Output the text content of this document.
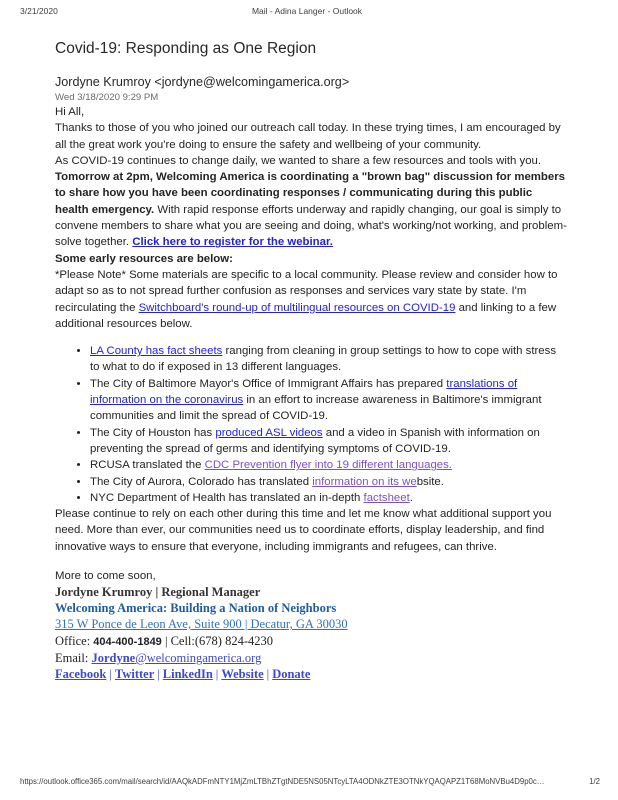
3/21/2020	Mail - Adina Langer - Outlook
Covid-19: Responding as One Region
Jordyne Krumroy <jordyne@welcomingamerica.org>
Wed 3/18/2020 9:29 PM

Hi All,

Thanks to those of you who joined our outreach call today. In these trying times, I am encouraged by all the great work you're doing to ensure the safety and wellbeing of your community.

As COVID-19 continues to change daily, we wanted to share a few resources and tools with you. Tomorrow at 2pm, Welcoming America is coordinating a "brown bag" discussion for members to share how you have been coordinating responses / communicating during this public health emergency. With rapid response efforts underway and rapidly changing, our goal is simply to convene members to share what you are seeing and doing, what's working/not working, and problem-solve together. Click here to register for the webinar.

Some early resources are below:

*Please Note* Some materials are specific to a local community. Please review and consider how to adapt so as to not spread further confusion as responses and services vary state by state. I'm recirculating the Switchboard's round-up of multilingual resources on COVID-19 and linking to a few additional resources below.

• LA County has fact sheets ranging from cleaning in group settings to how to cope with stress to what to do if exposed in 13 different languages.
• The City of Baltimore Mayor's Office of Immigrant Affairs has prepared translations of information on the coronavirus in an effort to increase awareness in Baltimore's immigrant communities and limit the spread of COVID-19.
• The City of Houston has produced ASL videos and a video in Spanish with information on preventing the spread of germs and identifying symptoms of COVID-19.
• RCUSA translated the CDC Prevention flyer into 19 different languages.
• The City of Aurora, Colorado has translated information on its website.
• NYC Department of Health has translated an in-depth factsheet.

Please continue to rely on each other during this time and let me know what additional support you need. More than ever, our communities need us to coordinate efforts, display leadership, and find innovative ways to ensure that everyone, including immigrants and refugees, can thrive.

More to come soon,
Jordyne Krumroy | Regional Manager
Welcoming America: Building a Nation of Neighbors
315 W Ponce de Leon Ave, Suite 900 | Decatur, GA 30030
Office: 404-400-1849 | Cell:(678) 824-4230
Email: Jordyne@welcomingamerica.org
Facebook | Twitter | LinkedIn | Website | Donate
https://outlook.office365.com/mail/search/id/AAQkADFmNTY1MjZmLTBhZTgtNDE5NS05NTcyLTA4ODNkZTE3OTNkYQAQAPZ1T68MoNVBu4D9p0c…	1/2
